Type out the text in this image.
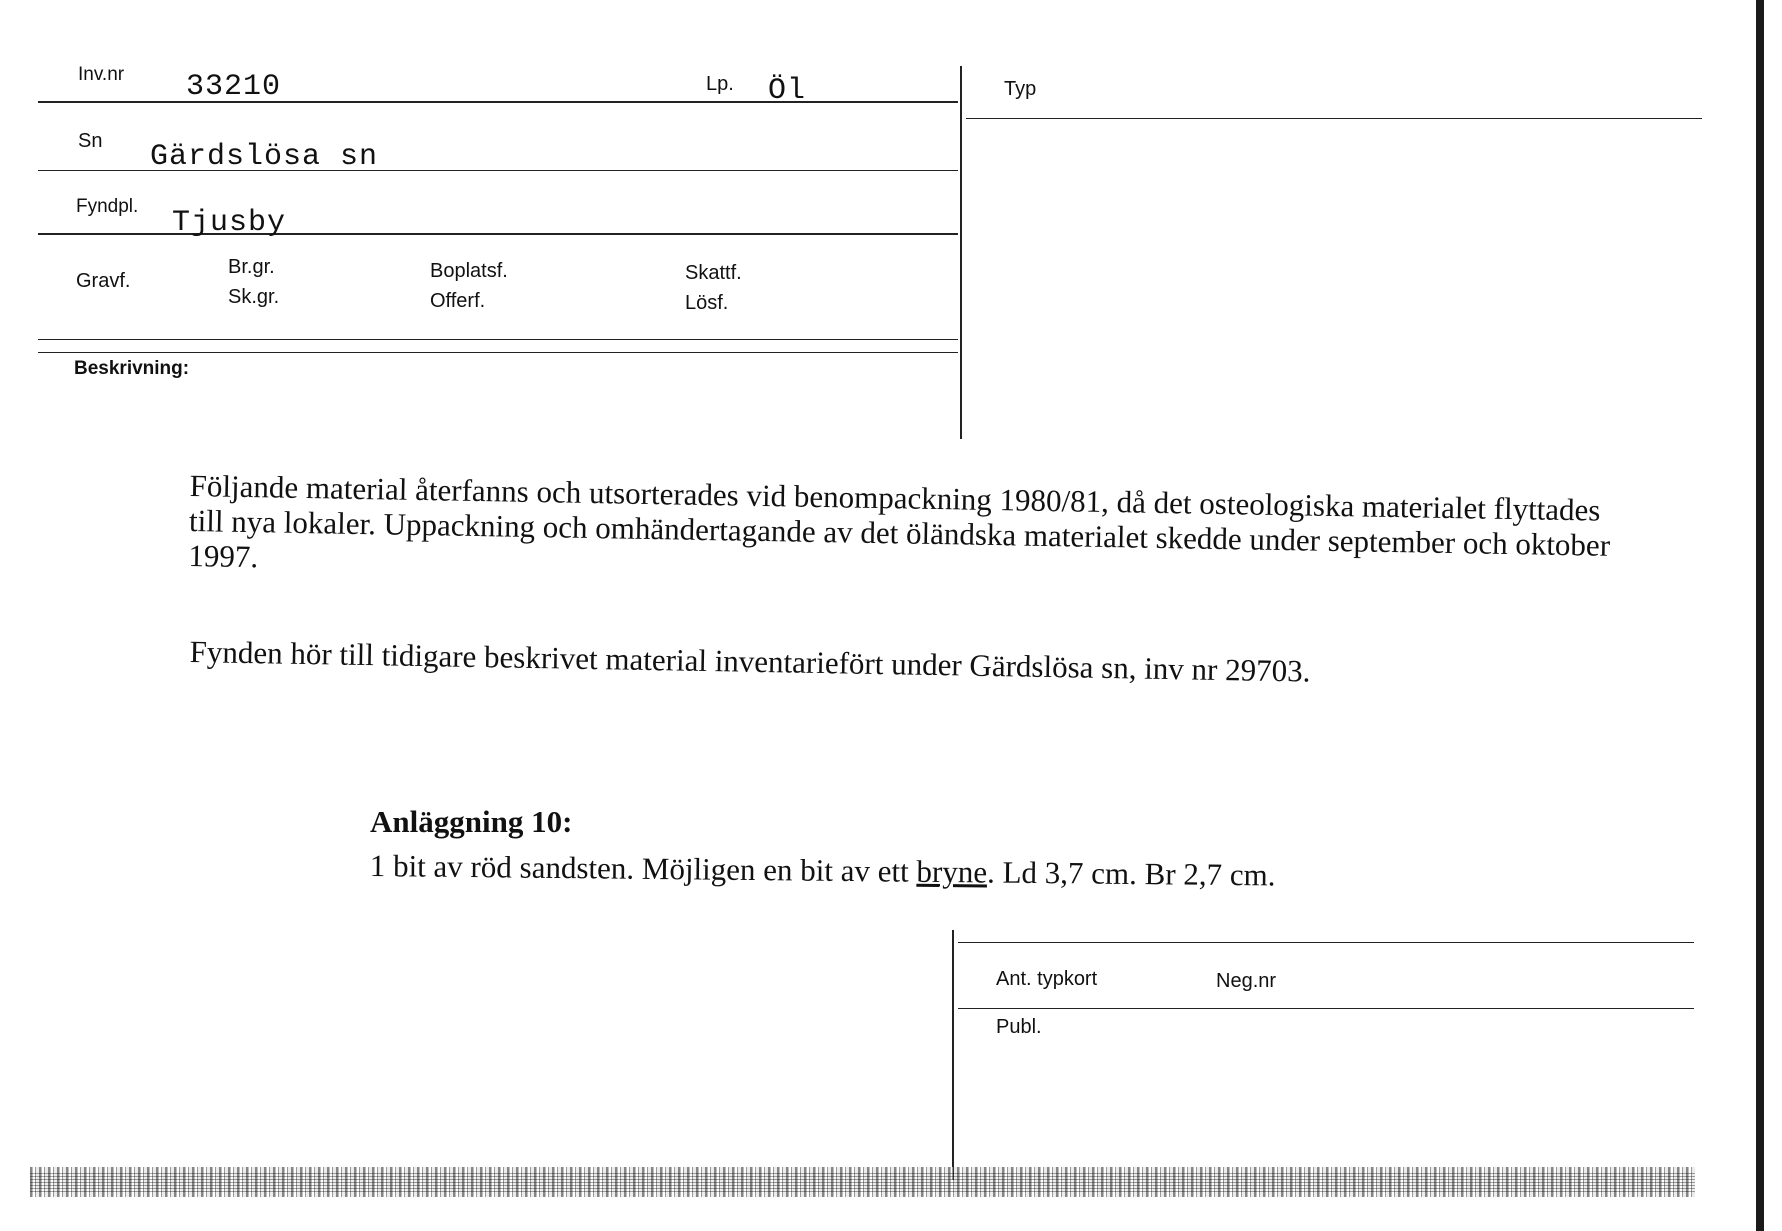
Inv.nr 33210	Lp. Öl	Typ
Sn Gärdslösa sn
Fyndpl. Tjusby
Gravf.
Br.gr.
Sk.gr.
Boplatsf.
Offerf.
Skattf.
Lösf.
Beskrivning:
Följande material återfanns och utsorterades vid benompackning 1980/81, då det osteologiska materialet flyttades till nya lokaler. Uppackning och omhändertagande av det öländska materialet skedde under september och oktober 1997.
Fynden hör till tidigare beskrivet material inventariefört under Gärdslösa sn, inv nr 29703.
Anläggning 10:
1 bit av röd sandsten. Möjligen en bit av ett bryne. Ld 3,7 cm. Br 2,7 cm.
Ant. typkort	Neg.nr
Publ.
